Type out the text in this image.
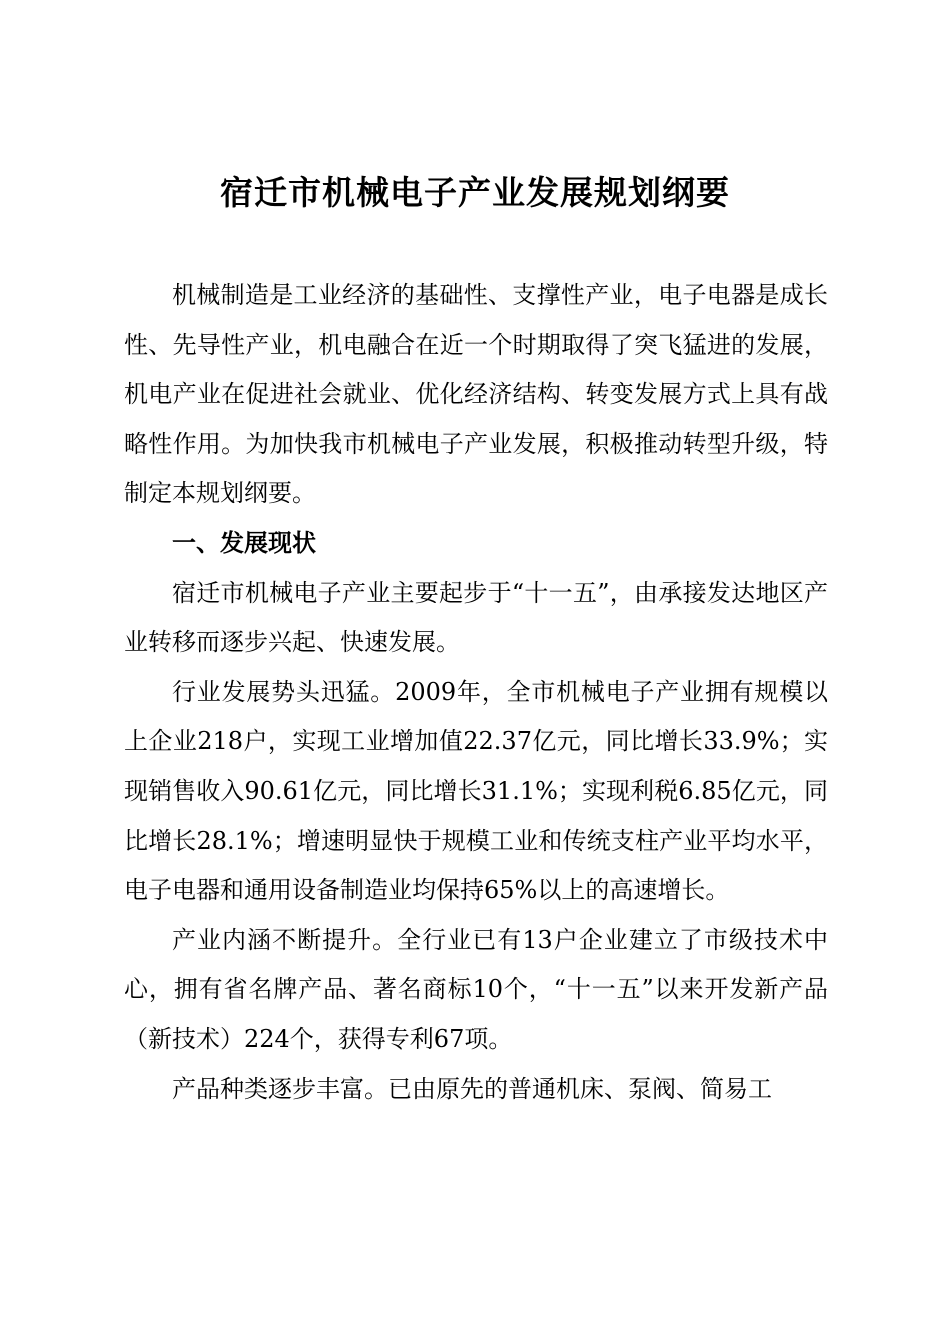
宿迁市机械电子产业发展规划纲要

机械制造是工业经济的基础性、支撑性产业，电子电器是成长性、先导性产业，机电融合在近一个时期取得了突飞猛进的发展，机电产业在促进社会就业、优化经济结构、转变发展方式上具有战略性作用。为加快我市机械电子产业发展，积极推动转型升级，特制定本规划纲要。

一、发展现状

宿迁市机械电子产业主要起步于“十一五”，由承接发达地区产业转移而逐步兴起、快速发展。

行业发展势头迅猛。2009年，全市机械电子产业拥有规模以上企业218户，实现工业增加值22.37亿元，同比增长33.9%；实现销售收入90.61亿元，同比增长31.1%；实现利税6.85亿元，同比增长28.1%；增速明显快于规模工业和传统支柱产业平均水平，电子电器和通用设备制造业均保持65%以上的高速增长。

产业内涵不断提升。全行业已有13户企业建立了市级技术中心，拥有省名牌产品、著名商标10个，“十一五”以来开发新产品（新技术）224个，获得专利67项。

产品种类逐步丰富。已由原先的普通机床、泵阀、简易工
